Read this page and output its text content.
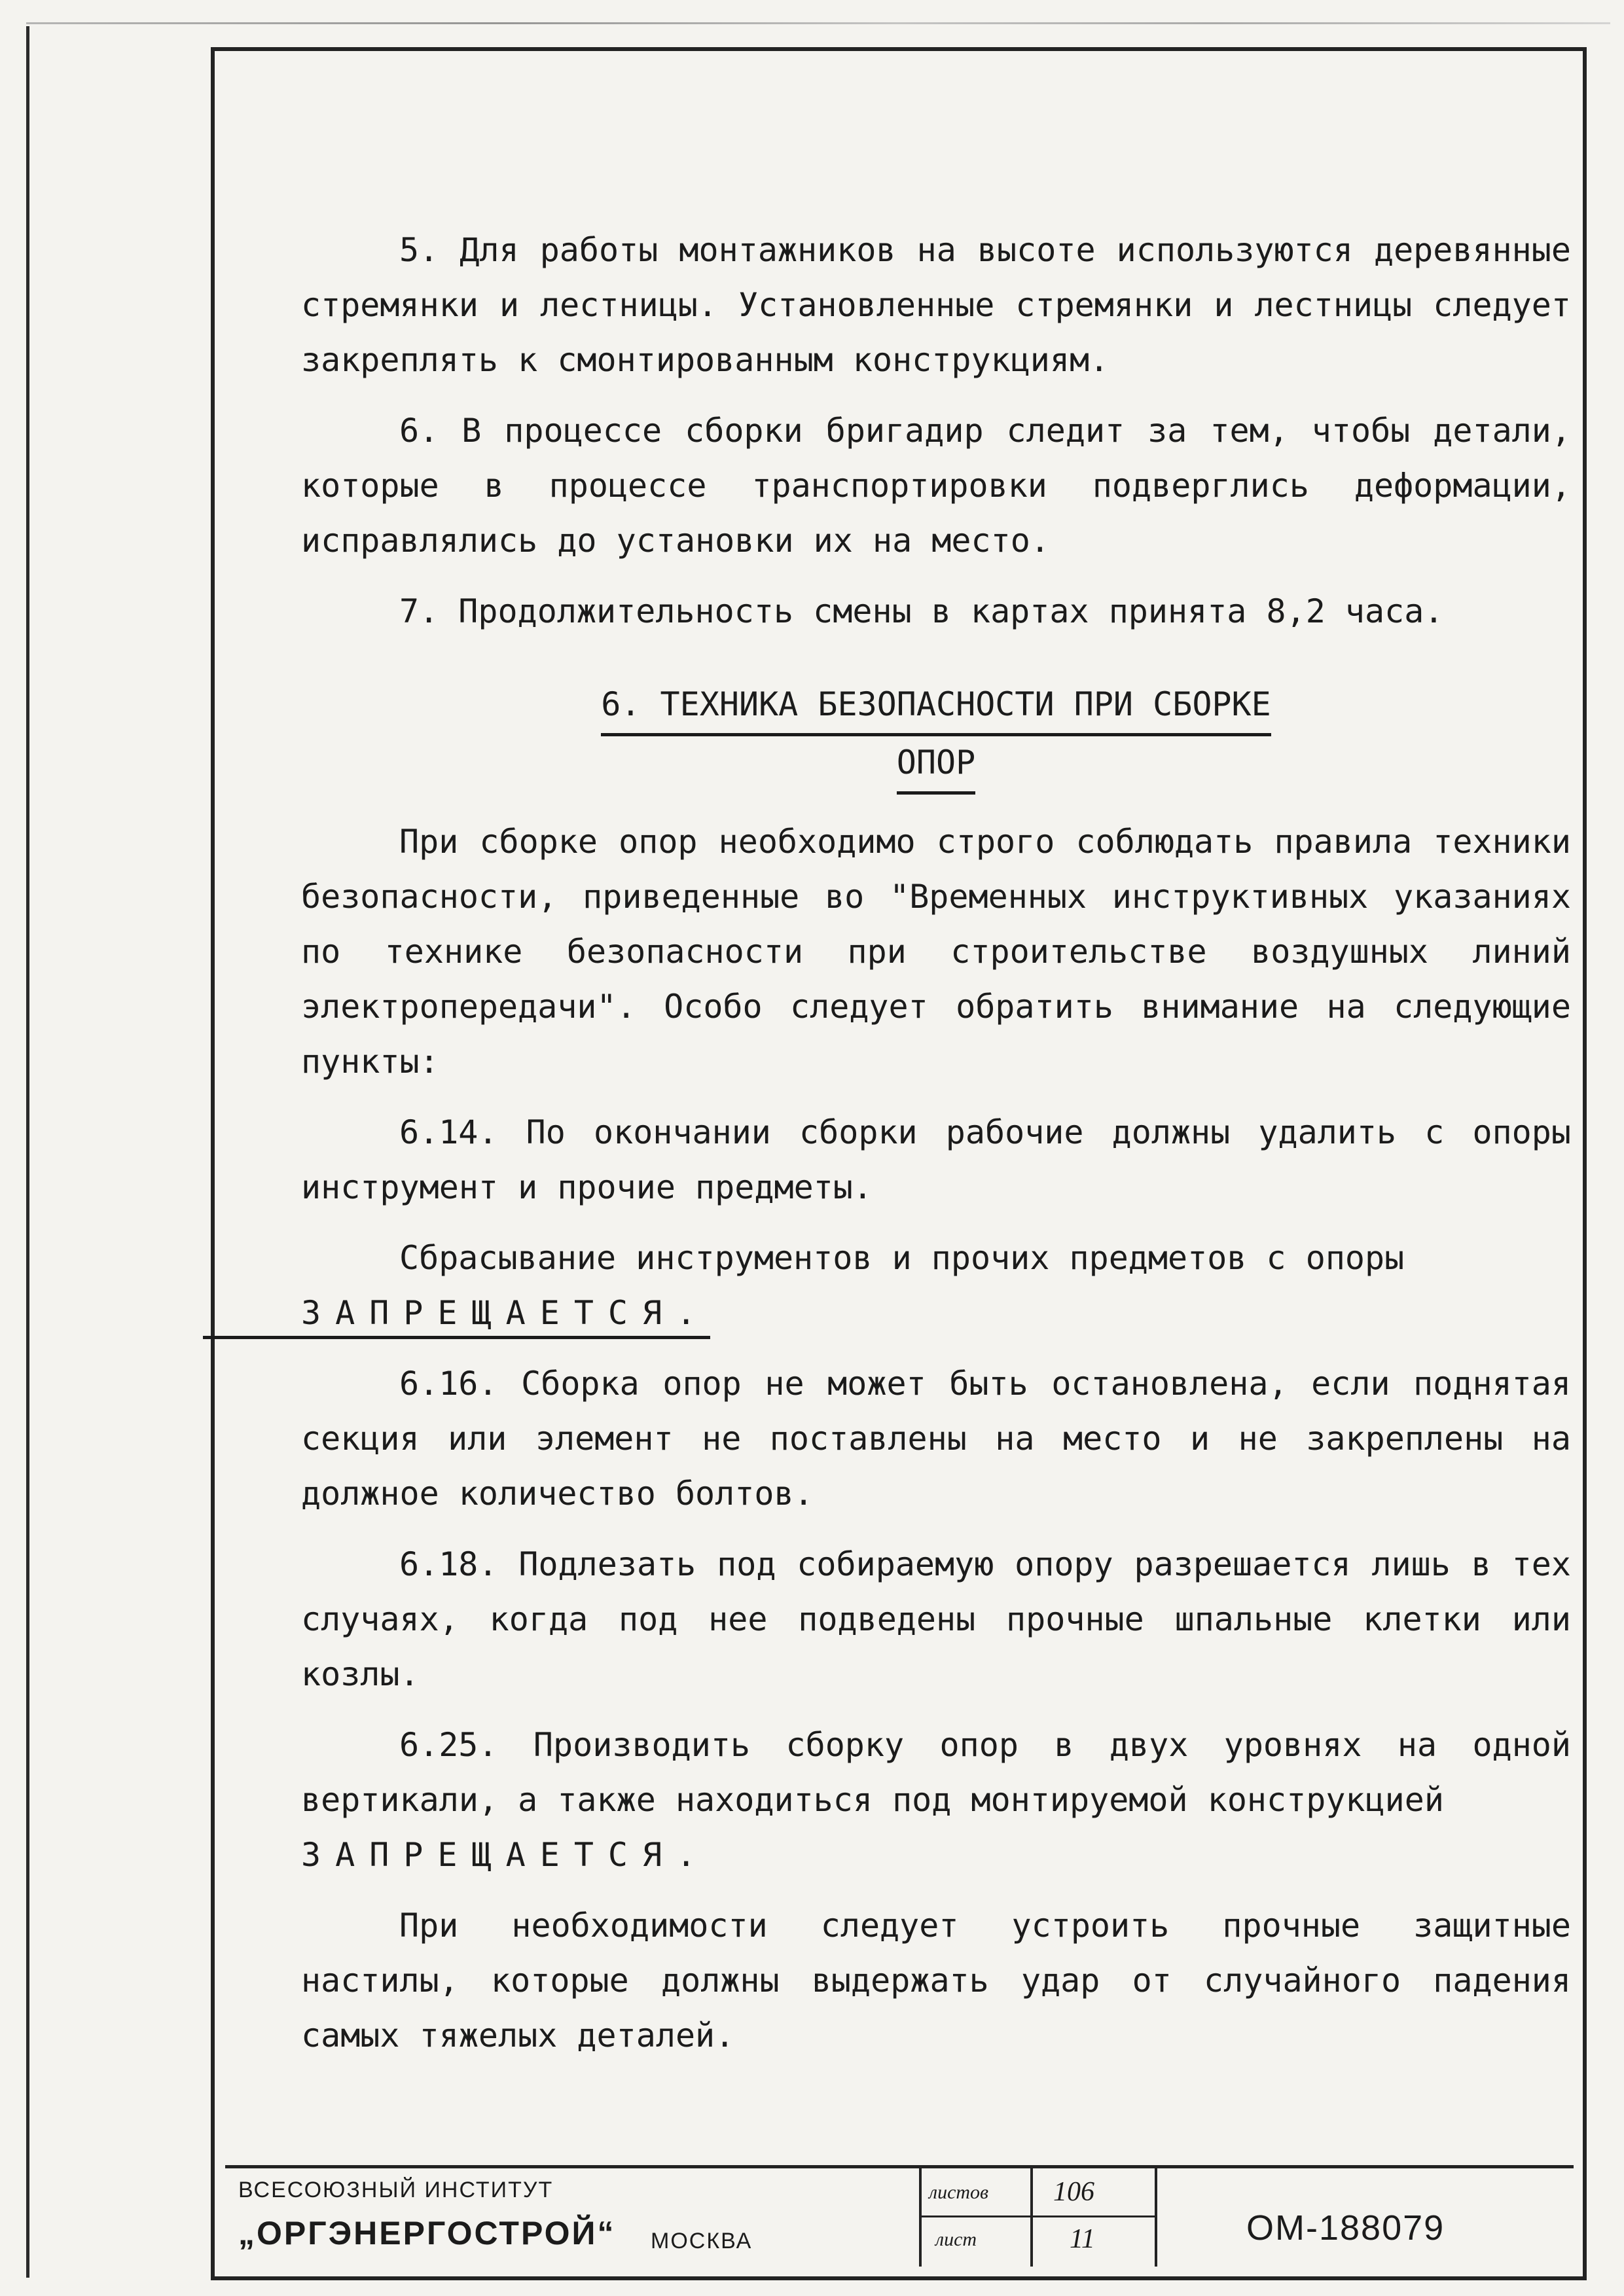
5. Для работы монтажников на высоте используются деревянные стремянки и лестницы. Установленные стремянки и лестницы следует закреплять к смонтированным конструкциям.

6. В процессе сборки бригадир следит за тем, чтобы детали, которые в процессе транспортировки подверглись деформации, исправлялись до установки их на место.

7. Продолжительность смены в картах принята 8,2 часа.

6. ТЕХНИКА БЕЗОПАСНОСТИ ПРИ СБОРКЕ
ОПОР

При сборке опор необходимо строго соблюдать правила техники безопасности, приведенные во "Временных инструктивных указаниях по технике безопасности при строительстве воздушных линий электропередачи". Особо следует обратить внимание на следующие пункты:

6.14. По окончании сборки рабочие должны удалить с опоры инструмент и прочие предметы.

Сбрасывание инструментов и прочих предметов с опоры
ЗАПРЕЩАЕТСЯ.

6.16. Сборка опор не может быть остановлена, если поднятая секция или элемент не поставлены на место и не закреплены на должное количество болтов.

6.18. Подлезать под собираемую опору разрешается лишь в тех случаях, когда под нее подведены прочные шпальные клетки или козлы.

6.25. Производить сборку опор в двух уровнях на одной вертикали, а также находиться под монтируемой конструкцией
ЗАПРЕЩАЕТСЯ.

При необходимости следует устроить прочные защитные настилы, которые должны выдержать удар от случайного падения самых тяжелых деталей.

ВСЕСОЮЗНЫЙ ИНСТИТУТ
„ОРГЭНЕРГОСТРОЙ“ МОСКВА
листов 106
лист	11	ОМ-188079
